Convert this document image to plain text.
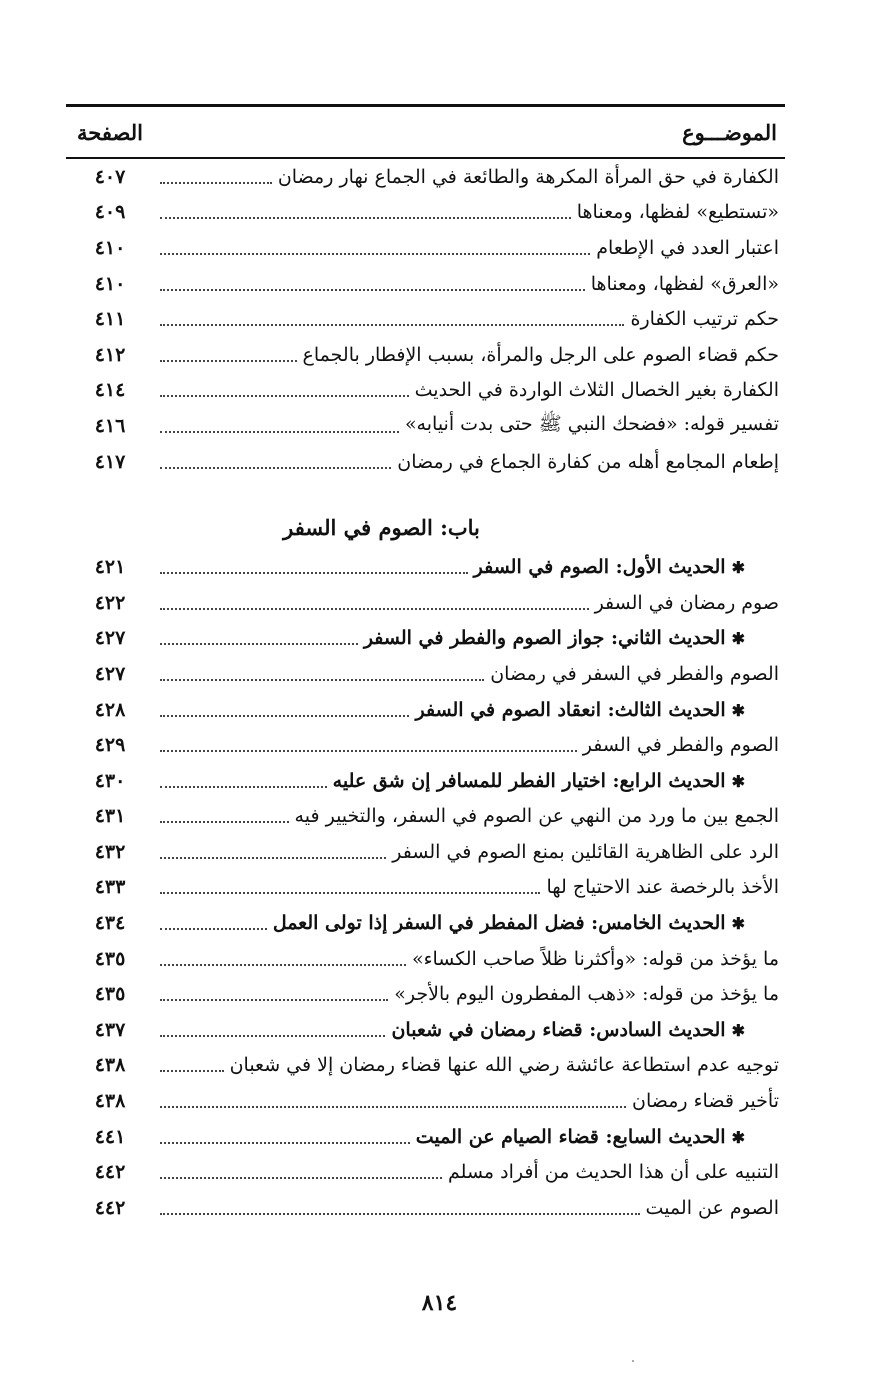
الموضـــوع
الصفحة
الكفارة في حق المرأة المكرهة والطائعة في الجماع نهار رمضان
٤٠٧
«تستطيع» لفظها، ومعناها
٤٠٩
اعتبار العدد في الإطعام
٤١٠
«العرق» لفظها، ومعناها
٤١٠
حكم ترتيب الكفارة
٤١١
حكم قضاء الصوم على الرجل والمرأة، بسبب الإفطار بالجماع
٤١٢
الكفارة بغير الخصال الثلاث الواردة في الحديث
٤١٤
تفسير قوله: «فضحك النبي ﷺ حتى بدت أنيابه»
٤١٦
إطعام المجامع أهله من كفارة الجماع في رمضان
٤١٧
باب: الصوم في السفر
✱الحديث الأول: الصوم في السفر
٤٢١
صوم رمضان في السفر
٤٢٢
✱الحديث الثاني: جواز الصوم والفطر في السفر
٤٢٧
الصوم والفطر في السفر في رمضان
٤٢٧
✱الحديث الثالث: انعقاد الصوم في السفر
٤٢٨
الصوم والفطر في السفر
٤٢٩
✱الحديث الرابع: اختيار الفطر للمسافر إن شق عليه
٤٣٠
الجمع بين ما ورد من النهي عن الصوم في السفر، والتخيير فيه
٤٣١
الرد على الظاهرية القائلين بمنع الصوم في السفر
٤٣٢
الأخذ بالرخصة عند الاحتياج لها
٤٣٣
✱الحديث الخامس: فضل المفطر في السفر إذا تولى العمل
٤٣٤
ما يؤخذ من قوله: «وأكثرنا ظلاً صاحب الكساء»
٤٣٥
ما يؤخذ من قوله: «ذهب المفطرون اليوم بالأجر»
٤٣٥
✱الحديث السادس: قضاء رمضان في شعبان
٤٣٧
توجيه عدم استطاعة عائشة رضي الله عنها قضاء رمضان إلا في شعبان
٤٣٨
تأخير قضاء رمضان
٤٣٨
✱الحديث السابع: قضاء الصيام عن الميت
٤٤١
التنبيه على أن هذا الحديث من أفراد مسلم
٤٤٢
الصوم عن الميت
٤٤٢
٨١٤
